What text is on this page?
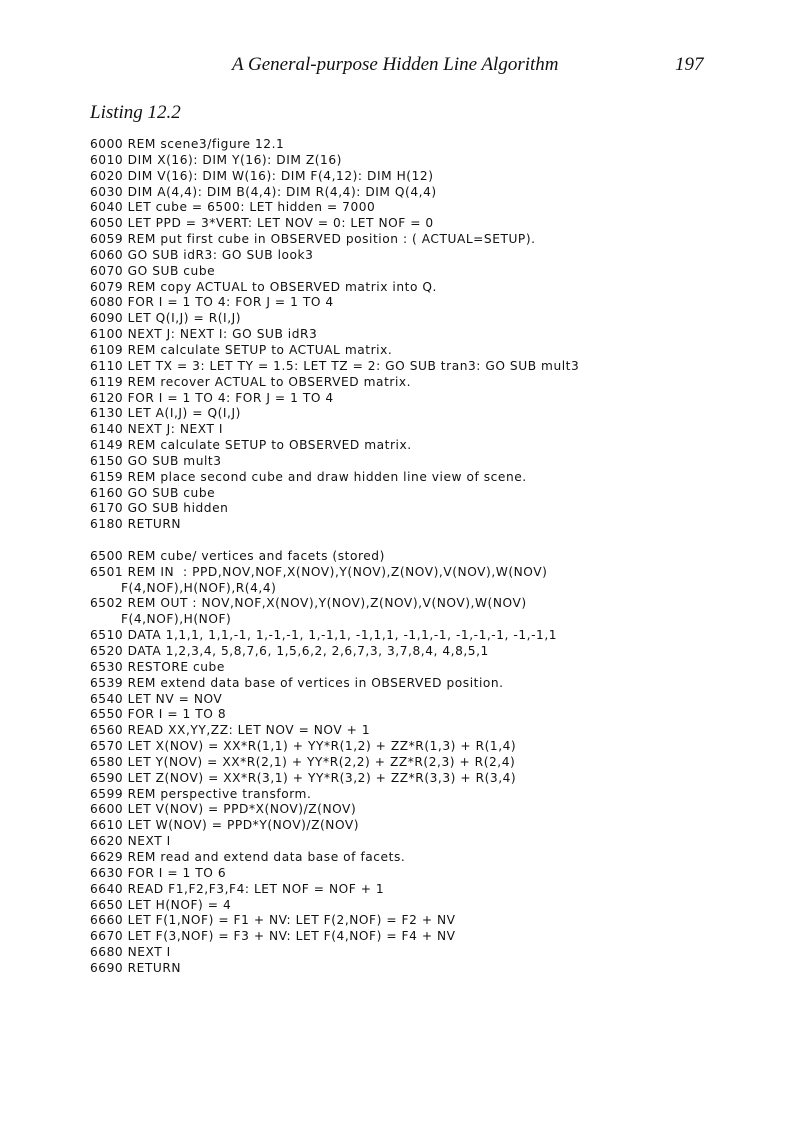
A General-purpose Hidden Line Algorithm	197
Listing 12.2
6000 REM scene3/figure 12.1
6010 DIM X(16): DIM Y(16): DIM Z(16)
6020 DIM V(16): DIM W(16): DIM F(4,12): DIM H(12)
6030 DIM A(4,4): DIM B(4,4): DIM R(4,4): DIM Q(4,4)
6040 LET cube = 6500: LET hidden = 7000
6050 LET PPD = 3*VERT: LET NOV = 0: LET NOF = 0
6059 REM put first cube in OBSERVED position : ( ACTUAL=SETUP).
6060 GO SUB idR3: GO SUB look3
6070 GO SUB cube
6079 REM copy ACTUAL to OBSERVED matrix into Q.
6080 FOR I = 1 TO 4: FOR J = 1 TO 4
6090 LET Q(I,J) = R(I,J)
6100 NEXT J: NEXT I: GO SUB idR3
6109 REM calculate SETUP to ACTUAL matrix.
6110 LET TX = 3: LET TY = 1.5: LET TZ = 2: GO SUB tran3: GO SUB mult3
6119 REM recover ACTUAL to OBSERVED matrix.
6120 FOR I = 1 TO 4: FOR J = 1 TO 4
6130 LET A(I,J) = Q(I,J)
6140 NEXT J: NEXT I
6149 REM calculate SETUP to OBSERVED matrix.
6150 GO SUB mult3
6159 REM place second cube and draw hidden line view of scene.
6160 GO SUB cube
6170 GO SUB hidden
6180 RETURN
6500 REM cube/ vertices and facets (stored)
6501 REM IN  : PPD,NOV,NOF,X(NOV),Y(NOV),Z(NOV),V(NOV),W(NOV)
F(4,NOF),H(NOF),R(4,4)
6502 REM OUT : NOV,NOF,X(NOV),Y(NOV),Z(NOV),V(NOV),W(NOV)
F(4,NOF),H(NOF)
6510 DATA 1,1,1, 1,1,-1, 1,-1,-1, 1,-1,1, -1,1,1, -1,1,-1, -1,-1,-1, -1,-1,1
6520 DATA 1,2,3,4, 5,8,7,6, 1,5,6,2, 2,6,7,3, 3,7,8,4, 4,8,5,1
6530 RESTORE cube
6539 REM extend data base of vertices in OBSERVED position.
6540 LET NV = NOV
6550 FOR I = 1 TO 8
6560 READ XX,YY,ZZ: LET NOV = NOV + 1
6570 LET X(NOV) = XX*R(1,1) + YY*R(1,2) + ZZ*R(1,3) + R(1,4)
6580 LET Y(NOV) = XX*R(2,1) + YY*R(2,2) + ZZ*R(2,3) + R(2,4)
6590 LET Z(NOV) = XX*R(3,1) + YY*R(3,2) + ZZ*R(3,3) + R(3,4)
6599 REM perspective transform.
6600 LET V(NOV) = PPD*X(NOV)/Z(NOV)
6610 LET W(NOV) = PPD*Y(NOV)/Z(NOV)
6620 NEXT I
6629 REM read and extend data base of facets.
6630 FOR I = 1 TO 6
6640 READ F1,F2,F3,F4: LET NOF = NOF + 1
6650 LET H(NOF) = 4
6660 LET F(1,NOF) = F1 + NV: LET F(2,NOF) = F2 + NV
6670 LET F(3,NOF) = F3 + NV: LET F(4,NOF) = F4 + NV
6680 NEXT I
6690 RETURN
